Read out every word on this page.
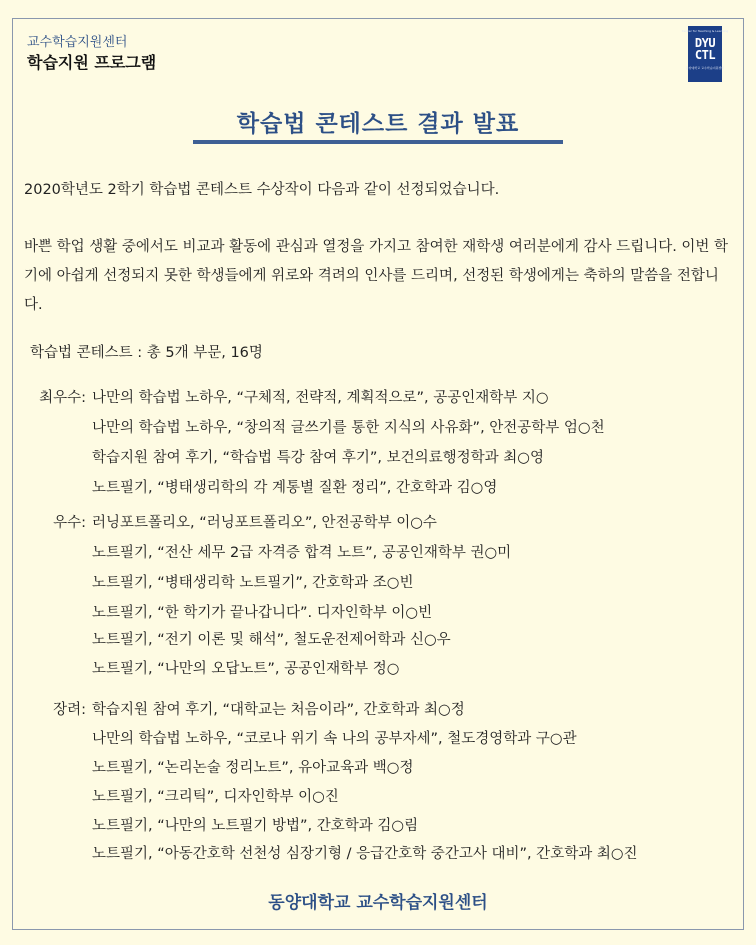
교수학습지원센터
학습지원 프로그램
Center for Teaching & Learning
DYU
CTL
동양대학교 교수학습지원센터
학습법 콘테스트 결과 발표
2020학년도 2학기 학습법 콘테스트 수상작이 다음과 같이 선정되었습니다.
바쁜 학업 생활 중에서도 비교과 활동에 관심과 열정을 가지고 참여한 재학생 여러분에게 감사 드립니다. 이번 학기에 아쉽게 선정되지 못한 학생들에게 위로와 격려의 인사를 드리며, 선정된 학생에게는 축하의 말씀을 전합니다.
학습법 콘테스트 : 총 5개 부문, 16명
최우수: 나만의 학습법 노하우, “구체적, 전략적, 계획적으로”, 공공인재학부 지○
나만의 학습법 노하우, “창의적 글쓰기를 통한 지식의 사유화”, 안전공학부 엄○천
학습지원 참여 후기, “학습법 특강 참여 후기”, 보건의료행정학과 최○영
노트필기, “병태생리학의 각 계통별 질환 정리”, 간호학과 김○영
우수: 러닝포트폴리오, “러닝포트폴리오”, 안전공학부 이○수
노트필기, “전산 세무 2급 자격증 합격 노트”, 공공인재학부 권○미
노트필기, “병태생리학 노트필기”, 간호학과 조○빈
노트필기, “한 학기가 끝나갑니다”. 디자인학부 이○빈
노트필기, “전기 이론 및 해석”, 철도운전제어학과 신○우
노트필기, “나만의 오답노트”, 공공인재학부 정○
장려: 학습지원 참여 후기, “대학교는 처음이라”, 간호학과 최○정
나만의 학습법 노하우, “코로나 위기 속 나의 공부자세”, 철도경영학과 구○관
노트필기, “논리논술 정리노트”, 유아교육과 백○정
노트필기, “크리틱”, 디자인학부 이○진
노트필기, “나만의 노트필기 방법”, 간호학과 김○림
노트필기, “아동간호학 선천성 심장기형 / 응급간호학 중간고사 대비”, 간호학과 최○진
동양대학교 교수학습지원센터
